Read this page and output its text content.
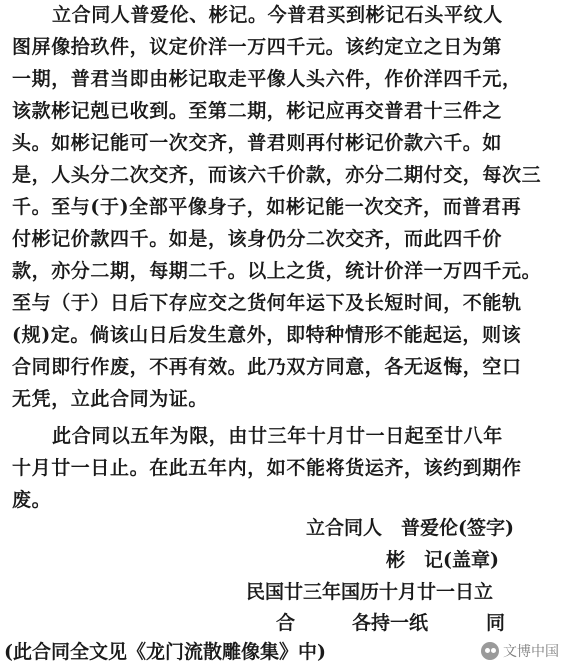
立合同人普爱伦、彬记。今普君买到彬记石头平纹人
图屏像拾玖件，议定价洋一万四千元。该约定立之日为第
一期，普君当即由彬记取走平像人头六件，作价洋四千元，
该款彬记剋已收到。至第二期，彬记应再交普君十三件之
头。如彬记能可一次交齐，普君则再付彬记价款六千。如
是，人头分二次交齐，而该六千价款，亦分二期付交，每次三
千。至与(于)全部平像身子，如彬记能一次交齐，而普君再
付彬记价款四千。如是，该身仍分二次交齐，而此四千价
款，亦分二期，每期二千。以上之货，统计价洋一万四千元。
至与（于）日后下存应交之货何年运下及长短时间，不能轨
(规)定。倘该山日后发生意外，即特种情形不能起运，则该
合同即行作废，不再有效。此乃双方同意，各无返悔，空口
无凭，立此合同为证。
此合同以五年为限，由廿三年十月廿一日起至廿八年
十月廿一日止。在此五年内，如不能将货运齐，该约到期作
废。
立合同人　普爱伦(签字)
彬　记(盖章)
民国廿三年国历十月廿一日立
合	各持一纸	同
(此合同全文见《龙门流散雕像集》中)	文博中国
